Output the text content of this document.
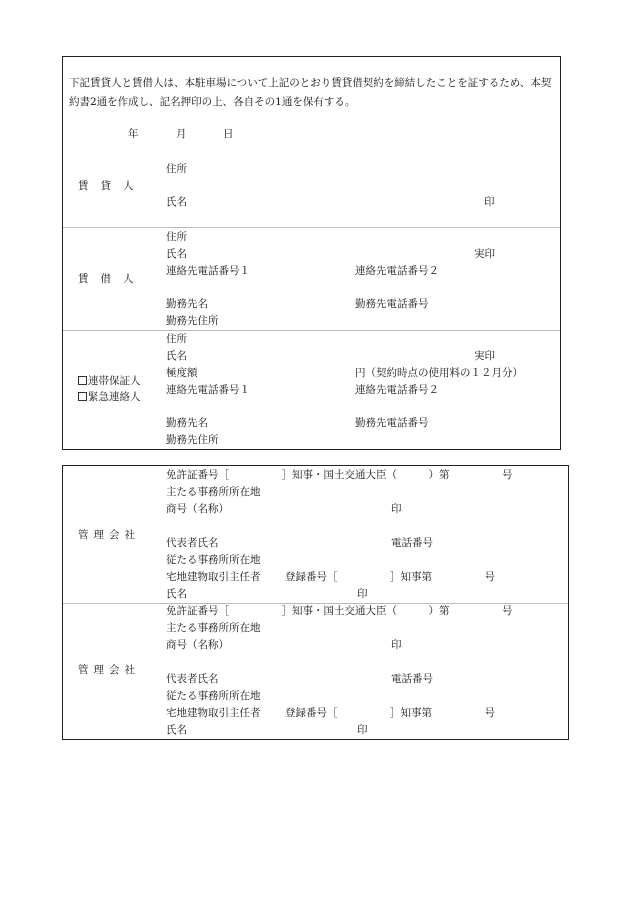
下記賃貸人と賃借人は、本駐車場について上記のとおり賃貸借契約を締結したことを証するため、本契約書2通を作成し、記名押印の上、各自その1通を保有する。
年	月	日
賃貸人
住所
氏名	印
賃借人
住所
氏名	実印
連絡先電話番号１	連絡先電話番号２
勤務先名	勤務先電話番号
勤務先住所
連帯保証人
緊急連絡人
住所
氏名	実印
極度額	円（契約時点の使用料の１２月分）
連絡先電話番号１	連絡先電話番号２
勤務先名	勤務先電話番号
勤務先住所
管理会社
免許証番号［　　　　　］知事・国土交通大臣（　　　）第　　　　　号
主たる事務所所在地
商号（名称）	印
代表者氏名	電話番号
従たる事務所所在地
宅地建物取引主任者 登録番号［　　　　　］知事第　　　　　号
氏名	印
管理会社
免許証番号［　　　　　］知事・国土交通大臣（　　　）第　　　　　号
主たる事務所所在地
商号（名称）	印
代表者氏名	電話番号
従たる事務所所在地
宅地建物取引主任者 登録番号［　　　　　］知事第　　　　　号
氏名	印
